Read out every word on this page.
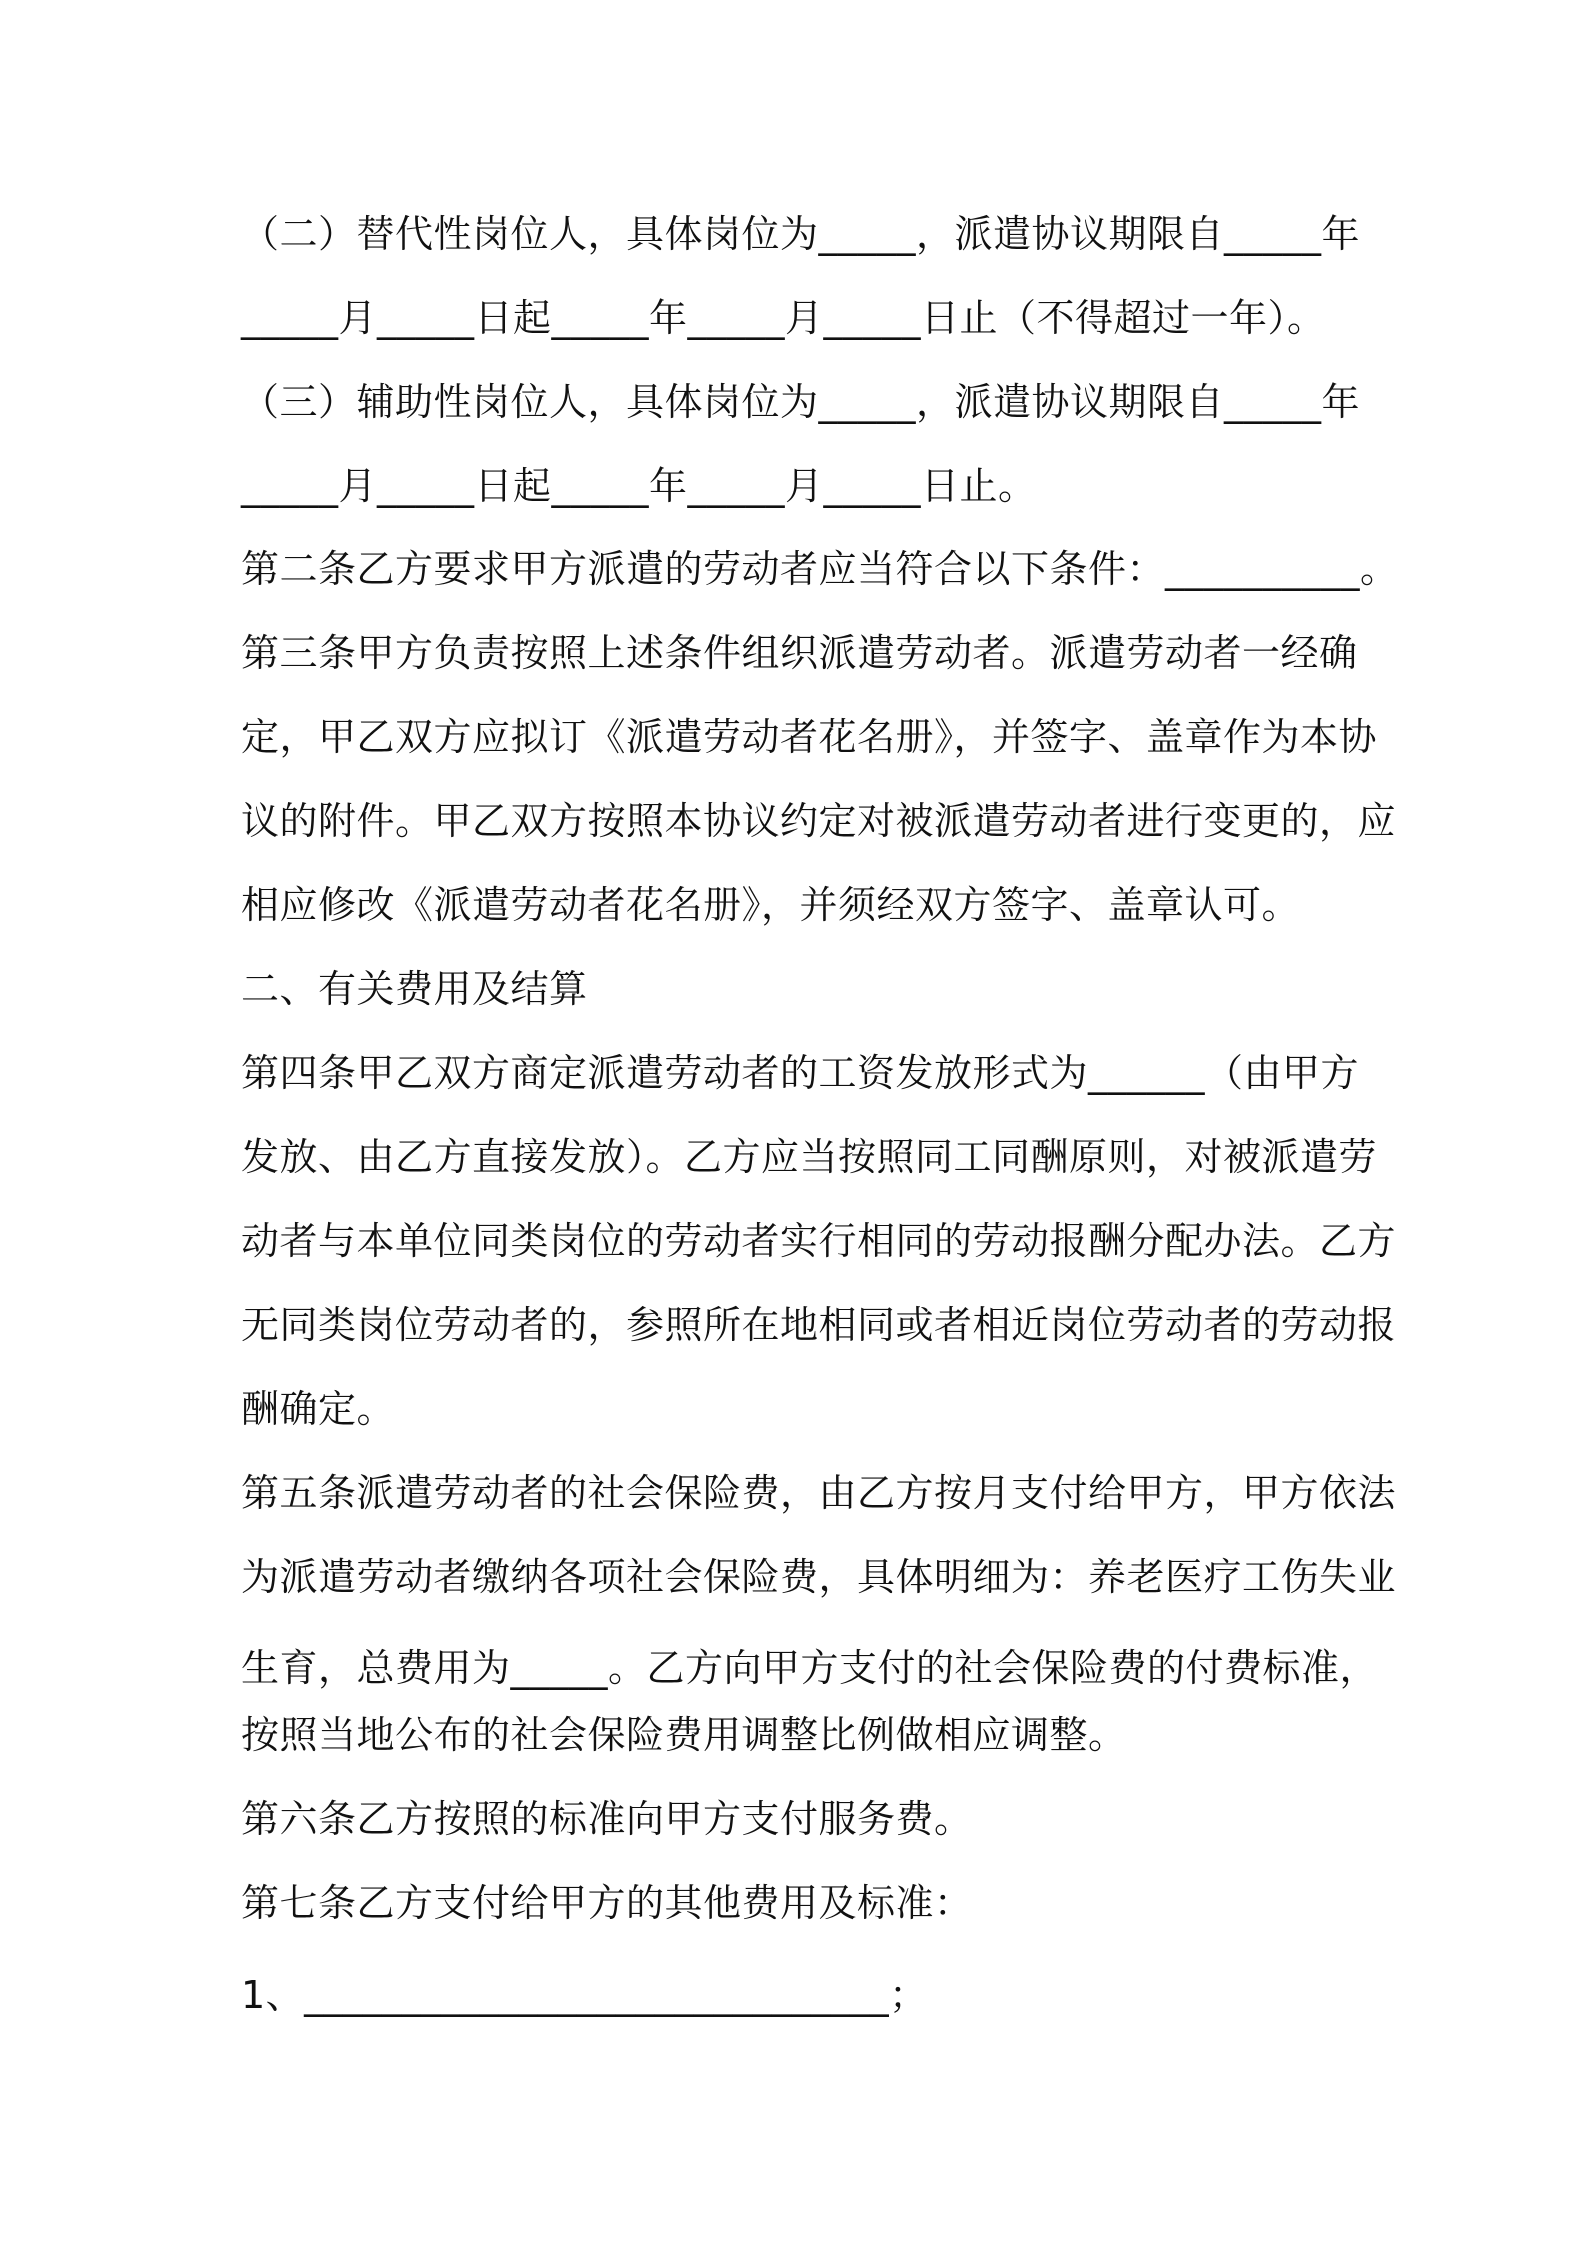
（二）替代性岗位人，具体岗位为_____，派遣协议期限自_____年
_____月_____日起_____年_____月_____日止（不得超过一年）。
（三）辅助性岗位人，具体岗位为_____，派遣协议期限自_____年
_____月_____日起_____年_____月_____日止。
第二条乙方要求甲方派遣的劳动者应当符合以下条件：__________。
第三条甲方负责按照上述条件组织派遣劳动者。派遣劳动者一经确
定，甲乙双方应拟订《派遣劳动者花名册》，并签字、盖章作为本协
议的附件。甲乙双方按照本协议约定对被派遣劳动者进行变更的，应
相应修改《派遣劳动者花名册》，并须经双方签字、盖章认可。
二、有关费用及结算
第四条甲乙双方商定派遣劳动者的工资发放形式为______（由甲方
发放、由乙方直接发放）。乙方应当按照同工同酬原则，对被派遣劳
动者与本单位同类岗位的劳动者实行相同的劳动报酬分配办法。乙方
无同类岗位劳动者的，参照所在地相同或者相近岗位劳动者的劳动报
酬确定。
第五条派遣劳动者的社会保险费，由乙方按月支付给甲方，甲方依法
为派遣劳动者缴纳各项社会保险费，具体明细为：养老医疗工伤失业
生育，总费用为_____。乙方向甲方支付的社会保险费的付费标准，
按照当地公布的社会保险费用调整比例做相应调整。
第六条乙方按照的标准向甲方支付服务费。
第七条乙方支付给甲方的其他费用及标准：
1、______________________________；
